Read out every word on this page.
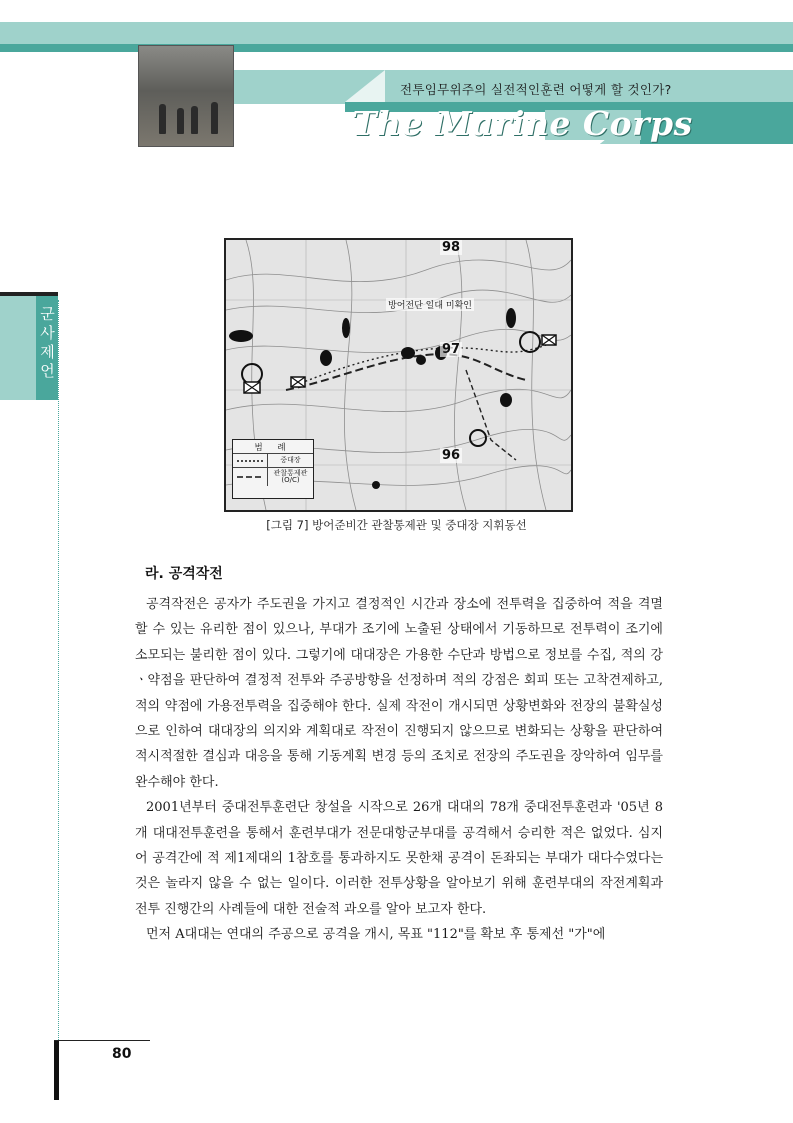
전투임무위주의 실전적인훈련 어떻게 할 것인가?
The Marine Corps
군사제언	방어전단 일대 미확인
98
97
96
범 례
중대장
관찰통제관
(O/C)
[그림 7] 방어준비간 관찰통제관 및 중대장 지휘동선
라. 공격작전

공격작전은 공자가 주도권을 가지고 결정적인 시간과 장소에 전투력을 집중하여 적을 격멸 할 수 있는 유리한 점이 있으나, 부대가 조기에 노출된 상태에서 기동하므로 전투력이 조기에 소모되는 불리한 점이 있다. 그렇기에 대대장은 가용한 수단과 방법으로 정보를 수집, 적의 강ㆍ약점을 판단하여 결정적 전투와 주공방향을 선정하며 적의 강점은 회피 또는 고착견제하고, 적의 약점에 가용전투력을 집중해야 한다. 실제 작전이 개시되면 상황변화와 전장의 불확실성으로 인하여 대대장의 의지와 계획대로 작전이 진행되지 않으므로 변화되는 상황을 판단하여 적시적절한 결심과 대응을 통해 기동계획 변경 등의 조치로 전장의 주도권을 장악하여 임무를 완수해야 한다.

2001년부터 중대전투훈련단 창설을 시작으로 26개 대대의 78개 중대전투훈련과 '05년 8개 대대전투훈련을 통해서 훈련부대가 전문대항군부대를 공격해서 승리한 적은 없었다. 심지어 공격간에 적 제1제대의 1참호를 통과하지도 못한채 공격이 돈좌되는 부대가 대다수였다는 것은 놀라지 않을 수 없는 일이다. 이러한 전투상황을 알아보기 위해 훈련부대의 작전계획과 전투 진행간의 사례들에 대한 전술적 과오를 알아 보고자 한다.

먼저 A대대는 연대의 주공으로 공격을 개시, 목표 "112"를 확보 후 통제선 "가"에

80
